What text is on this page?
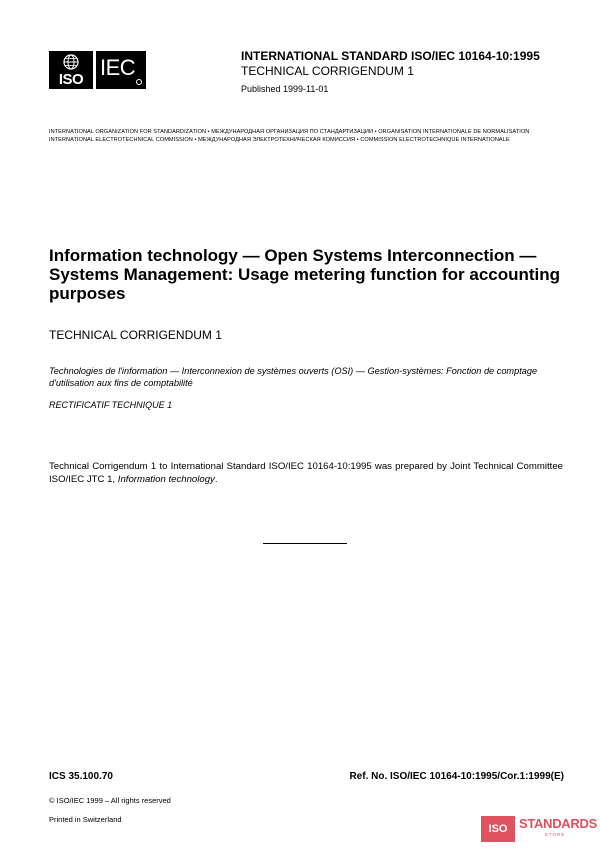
ISO IEC	INTERNATIONAL STANDARD ISO/IEC 10164-10:1995
TECHNICAL CORRIGENDUM 1
Published 1999-11-01
INTERNATIONAL ORGANIZATION FOR STANDARDIZATION • МЕЖДУНАРОДНАЯ ОРГАНИЗАЦИЯ ПО СТАНДАРТИЗАЦИИ • ORGANISATION INTERNATIONALE DE NORMALISATION
INTERNATIONAL ELECTROTECHNICAL COMMISSION • МЕЖДУНАРОДНАЯ ЭЛЕКТРОТЕХНИЧЕСКАЯ КОМИССИЯ • COMMISSION ELECTROTECHNIQUE INTERNATIONALE
Information technology — Open Systems Interconnection — Systems Management: Usage metering function for accounting purposes
TECHNICAL CORRIGENDUM 1
Technologies de l'information — Interconnexion de systèmes ouverts (OSI) — Gestion-systèmes: Fonction de comptage d'utilisation aux fins de comptabilité
RECTIFICATIF TECHNIQUE 1
Technical Corrigendum 1 to International Standard ISO/IEC 10164-10:1995 was prepared by Joint Technical Committee ISO/IEC JTC 1, Information technology.
ICS 35.100.70	Ref. No. ISO/IEC 10164-10:1995/Cor.1:1999(E)
© ISO/IEC 1999 – All rights reserved
Printed in Switzerland
ISO STANDARDS
STORE
